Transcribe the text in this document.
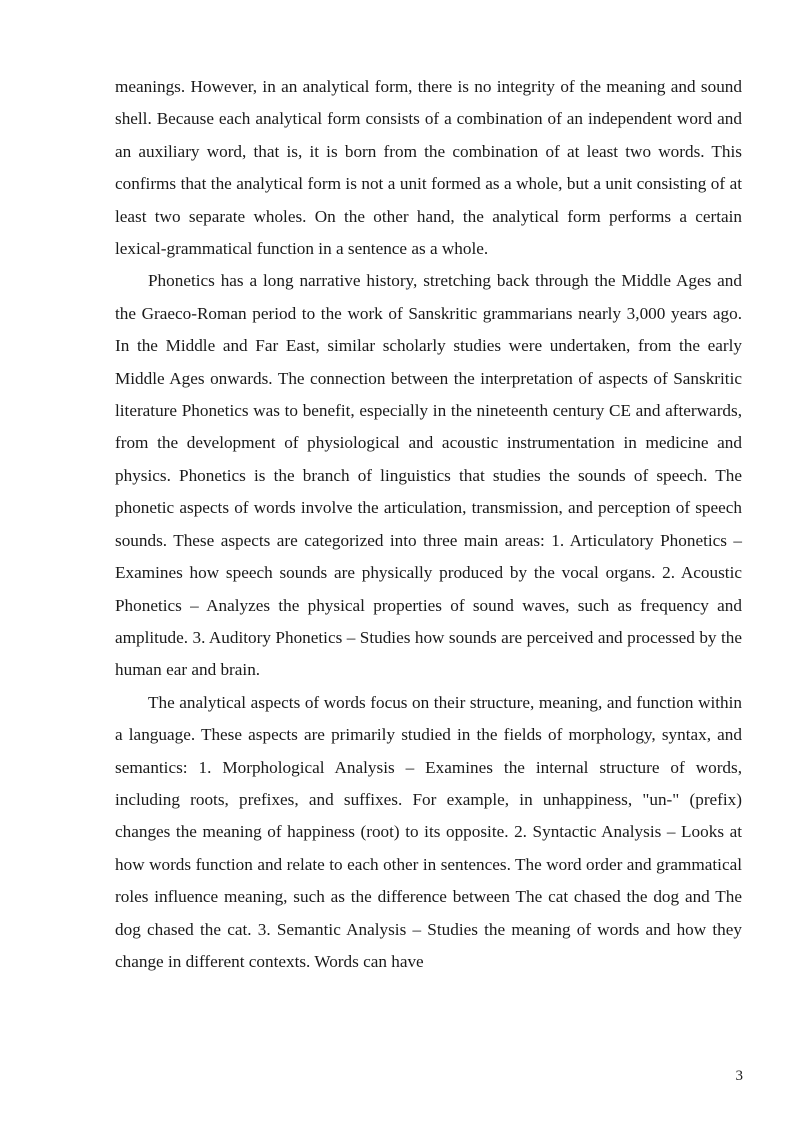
meanings. However, in an analytical form, there is no integrity of the meaning and sound shell. Because each analytical form consists of a combination of an independent word and an auxiliary word, that is, it is born from the combination of at least two words. This confirms that the analytical form is not a unit formed as a whole, but a unit consisting of at least two separate wholes. On the other hand, the analytical form performs a certain lexical-grammatical function in a sentence as a whole.

Phonetics has a long narrative history, stretching back through the Middle Ages and the Graeco-Roman period to the work of Sanskritic grammarians nearly 3,000 years ago. In the Middle and Far East, similar scholarly studies were undertaken, from the early Middle Ages onwards. The connection between the interpretation of aspects of Sanskritic literature Phonetics was to benefit, especially in the nineteenth century CE and afterwards, from the development of physiological and acoustic instrumentation in medicine and physics. Phonetics is the branch of linguistics that studies the sounds of speech. The phonetic aspects of words involve the articulation, transmission, and perception of speech sounds. These aspects are categorized into three main areas: 1. Articulatory Phonetics – Examines how speech sounds are physically produced by the vocal organs. 2. Acoustic Phonetics – Analyzes the physical properties of sound waves, such as frequency and amplitude. 3. Auditory Phonetics – Studies how sounds are perceived and processed by the human ear and brain.

The analytical aspects of words focus on their structure, meaning, and function within a language. These aspects are primarily studied in the fields of morphology, syntax, and semantics: 1. Morphological Analysis – Examines the internal structure of words, including roots, prefixes, and suffixes. For example, in unhappiness, "un-" (prefix) changes the meaning of happiness (root) to its opposite. 2. Syntactic Analysis – Looks at how words function and relate to each other in sentences. The word order and grammatical roles influence meaning, such as the difference between The cat chased the dog and The dog chased the cat. 3. Semantic Analysis – Studies the meaning of words and how they change in different contexts. Words can have

3
